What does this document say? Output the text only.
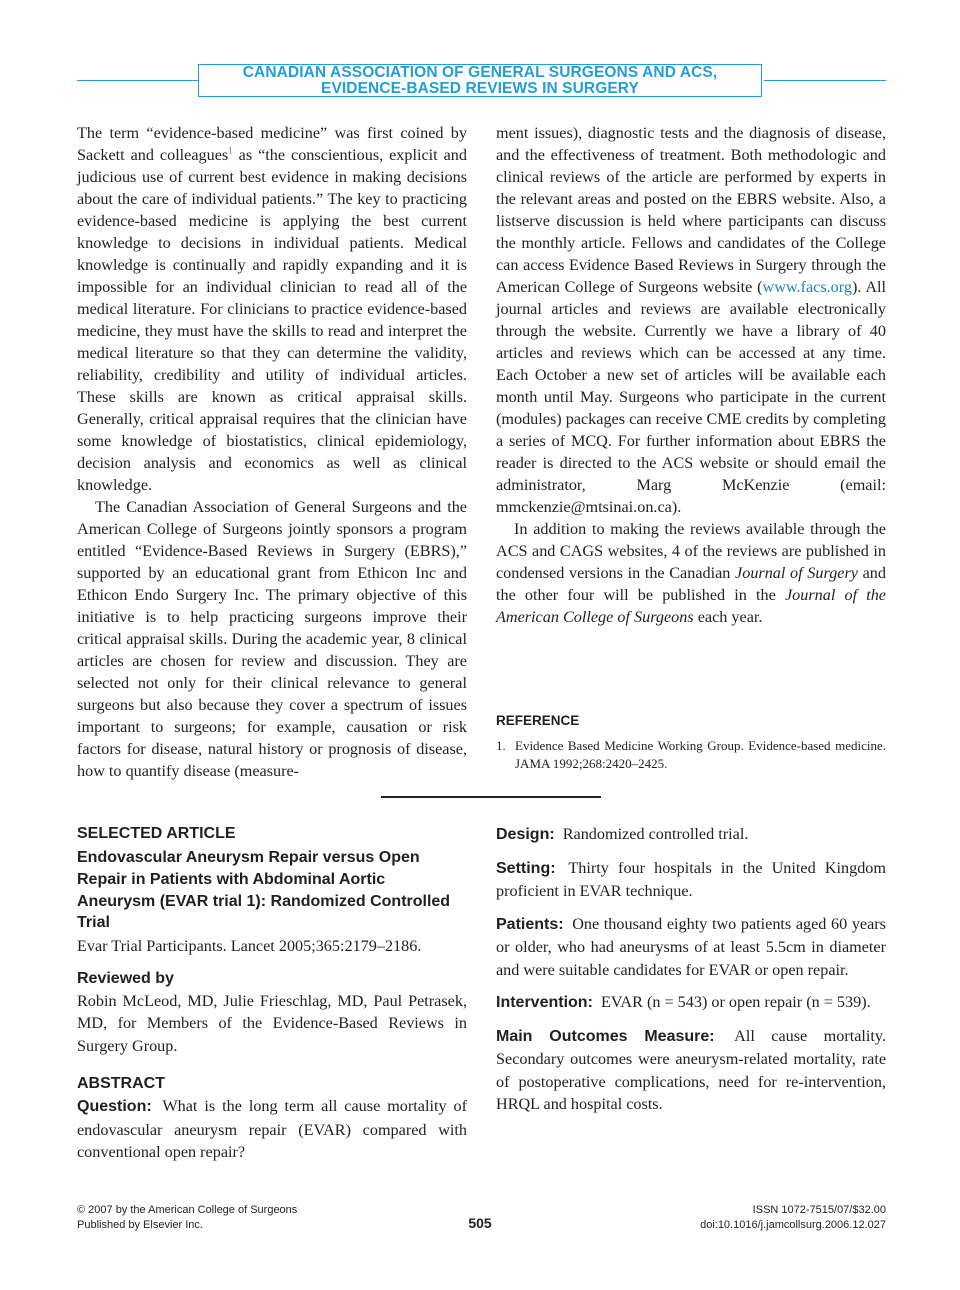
CANADIAN ASSOCIATION OF GENERAL SURGEONS AND ACS,
EVIDENCE-BASED REVIEWS IN SURGERY

The term “evidence-based medicine” was first coined by Sackett and colleagues$^1$ as “the conscientious, explicit and judicious use of current best evidence in making decisions about the care of individual patients.” The key to practicing evidence-based medicine is applying the best current knowledge to decisions in individual patients. Medical knowledge is continually and rapidly expanding and it is impossible for an individual clinician to read all of the medical literature. For clinicians to practice evidence-based medicine, they must have the skills to read and interpret the medical literature so that they can determine the validity, reliability, credibility and utility of individual articles. These skills are known as critical appraisal skills. Generally, critical appraisal requires that the clinician have some knowledge of biostatistics, clinical epidemiology, decision analysis and economics as well as clinical knowledge.

The Canadian Association of General Surgeons and the American College of Surgeons jointly sponsors a program entitled “Evidence-Based Reviews in Surgery (EBRS),” supported by an educational grant from Ethicon Inc and Ethicon Endo Surgery Inc. The primary objective of this initiative is to help practicing surgeons improve their critical appraisal skills. During the academic year, 8 clinical articles are chosen for review and discussion. They are selected not only for their clinical relevance to general surgeons but also because they cover a spectrum of issues important to surgeons; for example, causation or risk factors for disease, natural history or prognosis of disease, how to quantify disease (measure-

ment issues), diagnostic tests and the diagnosis of disease, and the effectiveness of treatment. Both methodologic and clinical reviews of the article are performed by experts in the relevant areas and posted on the EBRS website. Also, a listserve discussion is held where participants can discuss the monthly article. Fellows and candidates of the College can access Evidence Based Reviews in Surgery through the American College of Surgeons website (www.facs.org). All journal articles and reviews are available electronically through the website. Currently we have a library of 40 articles and reviews which can be accessed at any time. Each October a new set of articles will be available each month until May. Surgeons who participate in the current (modules) packages can receive CME credits by completing a series of MCQ. For further information about EBRS the reader is directed to the ACS website or should email the administrator, Marg McKenzie (email: mmckenzie@mtsinai.on.ca).

In addition to making the reviews available through the ACS and CAGS websites, 4 of the reviews are published in condensed versions in the Canadian Journal of Surgery and the other four will be published in the Journal of the American College of Surgeons each year.

REFERENCE
1. Evidence Based Medicine Working Group. Evidence-based medicine. JAMA 1992;268:2420–2425.
SELECTED ARTICLE
Endovascular Aneurysm Repair versus Open Repair in Patients with Abdominal Aortic Aneurysm (EVAR trial 1): Randomized Controlled Trial

Evar Trial Participants. Lancet 2005;365:2179–2186.

Reviewed by

Robin McLeod, MD, Julie Frieschlag, MD, Paul Petrasek, MD, for Members of the Evidence-Based Reviews in Surgery Group.

ABSTRACT

Question: What is the long term all cause mortality of endovascular aneurysm repair (EVAR) compared with conventional open repair?

Design: Randomized controlled trial.

Setting: Thirty four hospitals in the United Kingdom proficient in EVAR technique.

Patients: One thousand eighty two patients aged 60 years or older, who had aneurysms of at least 5.5cm in diameter and were suitable candidates for EVAR or open repair.

Intervention: EVAR (n = 543) or open repair (n = 539).

Main Outcomes Measure: All cause mortality. Secondary outcomes were aneurysm-related mortality, rate of postoperative complications, need for re-intervention, HRQL and hospital costs.

© 2007 by the American College of Surgeons
Published by Elsevier Inc.	505
ISSN 1072-7515/07/$32.00
doi:10.1016/j.jamcollsurg.2006.12.027
